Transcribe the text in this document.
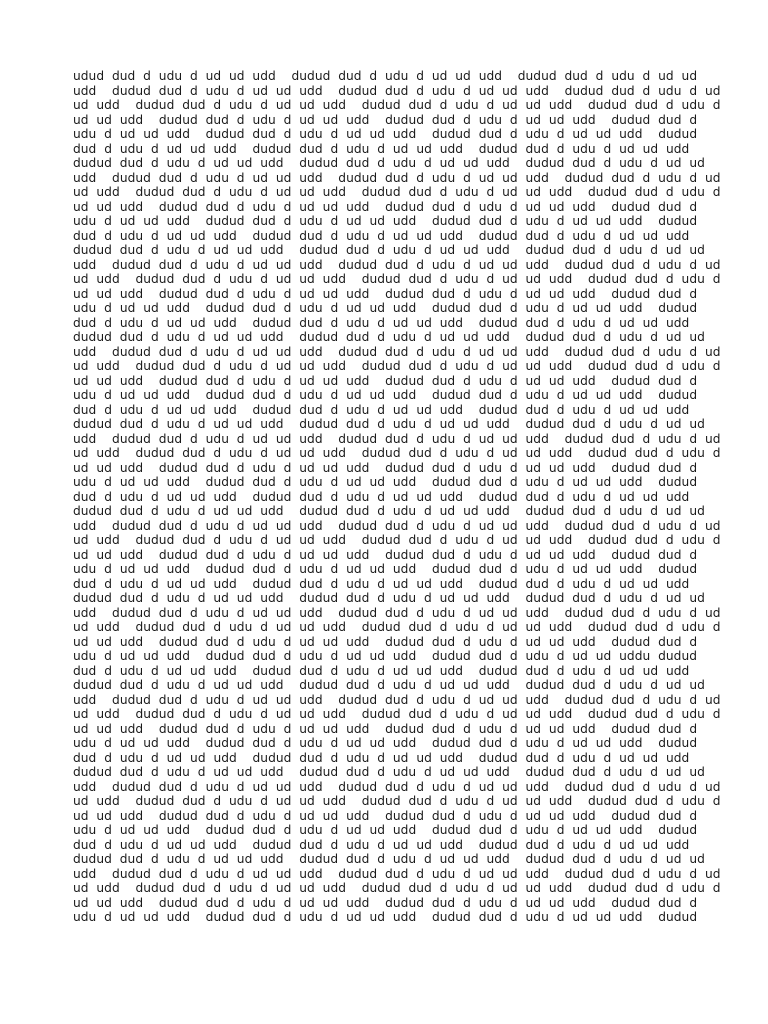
udud  dud  d  udu  d  ud  ud  udd    dudud  dud  d  udu  d  ud  ud  udd    dudud  dud  d  udu  d  ud  ud
udd    dudud  dud  d  udu  d  ud  ud  udd    dudud  dud  d  udu  d  ud  ud  udd    dudud  dud  d  udu  d  ud
ud  udd    dudud  dud  d  udu  d  ud  ud  udd    dudud  dud  d  udu  d  ud  ud  udd    dudud  dud  d  udu  d
ud  ud  udd    dudud  dud  d  udu  d  ud  ud  udd    dudud  dud  d  udu  d  ud  ud  udd    dudud  dud  d
udu  d  ud  ud  udd    dudud  dud  d  udu  d  ud  ud  udd    dudud  dud  d  udu  d  ud  ud  udd    dudud
dud  d  udu  d  ud  ud  udd    dudud  dud  d  udu  d  ud  ud  udd    dudud  dud  d  udu  d  ud  ud  udd
dudud  dud  d  udu  d  ud  ud  udd    dudud  dud  d  udu  d  ud  ud  udd    dudud  dud  d  udu  d  ud  ud
udd    dudud  dud  d  udu  d  ud  ud  udd    dudud  dud  d  udu  d  ud  ud  udd    dudud  dud  d  udu  d  ud
ud  udd    dudud  dud  d  udu  d  ud  ud  udd    dudud  dud  d  udu  d  ud  ud  udd    dudud  dud  d  udu  d
ud  ud  udd    dudud  dud  d  udu  d  ud  ud  udd    dudud  dud  d  udu  d  ud  ud  udd    dudud  dud  d
udu  d  ud  ud  udd    dudud  dud  d  udu  d  ud  ud  udd    dudud  dud  d  udu  d  ud  ud  udd    dudud
dud  d  udu  d  ud  ud  udd    dudud  dud  d  udu  d  ud  ud  udd    dudud  dud  d  udu  d  ud  ud  udd
dudud  dud  d  udu  d  ud  ud  udd    dudud  dud  d  udu  d  ud  ud  udd    dudud  dud  d  udu  d  ud  ud
udd    dudud  dud  d  udu  d  ud  ud  udd    dudud  dud  d  udu  d  ud  ud  udd    dudud  dud  d  udu  d  ud
ud  udd    dudud  dud  d  udu  d  ud  ud  udd    dudud  dud  d  udu  d  ud  ud  udd    dudud  dud  d  udu  d
ud  ud  udd    dudud  dud  d  udu  d  ud  ud  udd    dudud  dud  d  udu  d  ud  ud  udd    dudud  dud  d
udu  d  ud  ud  udd    dudud  dud  d  udu  d  ud  ud  udd    dudud  dud  d  udu  d  ud  ud  udd    dudud
dud  d  udu  d  ud  ud  udd    dudud  dud  d  udu  d  ud  ud  udd    dudud  dud  d  udu  d  ud  ud  udd
dudud  dud  d  udu  d  ud  ud  udd    dudud  dud  d  udu  d  ud  ud  udd    dudud  dud  d  udu  d  ud  ud
udd    dudud  dud  d  udu  d  ud  ud  udd    dudud  dud  d  udu  d  ud  ud  udd    dudud  dud  d  udu  d  ud
ud  udd    dudud  dud  d  udu  d  ud  ud  udd    dudud  dud  d  udu  d  ud  ud  udd    dudud  dud  d  udu  d
ud  ud  udd    dudud  dud  d  udu  d  ud  ud  udd    dudud  dud  d  udu  d  ud  ud  udd    dudud  dud  d
udu  d  ud  ud  udd    dudud  dud  d  udu  d  ud  ud  udd    dudud  dud  d  udu  d  ud  ud  udd    dudud
dud  d  udu  d  ud  ud  udd    dudud  dud  d  udu  d  ud  ud  udd    dudud  dud  d  udu  d  ud  ud  udd
dudud  dud  d  udu  d  ud  ud  udd    dudud  dud  d  udu  d  ud  ud  udd    dudud  dud  d  udu  d  ud  ud
udd    dudud  dud  d  udu  d  ud  ud  udd    dudud  dud  d  udu  d  ud  ud  udd    dudud  dud  d  udu  d  ud
ud  udd    dudud  dud  d  udu  d  ud  ud  udd    dudud  dud  d  udu  d  ud  ud  udd    dudud  dud  d  udu  d
ud  ud  udd    dudud  dud  d  udu  d  ud  ud  udd    dudud  dud  d  udu  d  ud  ud  udd    dudud  dud  d
udu  d  ud  ud  udd    dudud  dud  d  udu  d  ud  ud  udd    dudud  dud  d  udu  d  ud  ud  udd    dudud
dud  d  udu  d  ud  ud  udd    dudud  dud  d  udu  d  ud  ud  udd    dudud  dud  d  udu  d  ud  ud  udd
dudud  dud  d  udu  d  ud  ud  udd    dudud  dud  d  udu  d  ud  ud  udd    dudud  dud  d  udu  d  ud  ud
udd    dudud  dud  d  udu  d  ud  ud  udd    dudud  dud  d  udu  d  ud  ud  udd    dudud  dud  d  udu  d  ud
ud  udd    dudud  dud  d  udu  d  ud  ud  udd    dudud  dud  d  udu  d  ud  ud  udd    dudud  dud  d  udu  d
ud  ud  udd    dudud  dud  d  udu  d  ud  ud  udd    dudud  dud  d  udu  d  ud  ud  udd    dudud  dud  d
udu  d  ud  ud  udd    dudud  dud  d  udu  d  ud  ud  udd    dudud  dud  d  udu  d  ud  ud  udd    dudud
dud  d  udu  d  ud  ud  udd    dudud  dud  d  udu  d  ud  ud  udd    dudud  dud  d  udu  d  ud  ud  udd
dudud  dud  d  udu  d  ud  ud  udd    dudud  dud  d  udu  d  ud  ud  udd    dudud  dud  d  udu  d  ud  ud
udd    dudud  dud  d  udu  d  ud  ud  udd    dudud  dud  d  udu  d  ud  ud  udd    dudud  dud  d  udu  d  ud
ud  udd    dudud  dud  d  udu  d  ud  ud  udd    dudud  dud  d  udu  d  ud  ud  udd    dudud  dud  d  udu  d
ud  ud  udd    dudud  dud  d  udu  d  ud  ud  udd    dudud  dud  d  udu  d  ud  ud  udd    dudud  dud  d
udu  d  ud  ud  udd    dudud  dud  d  udu  d  ud  ud  udd    dudud  dud  d  udu  d  ud  ud  uddu  dudud
dud  d  udu  d  ud  ud  udd    dudud  dud  d  udu  d  ud  ud  udd    dudud  dud  d  udu  d  ud  ud  udd
dudud  dud  d  udu  d  ud  ud  udd    dudud  dud  d  udu  d  ud  ud  udd    dudud  dud  d  udu  d  ud  ud
udd    dudud  dud  d  udu  d  ud  ud  udd    dudud  dud  d  udu  d  ud  ud  udd    dudud  dud  d  udu  d  ud
ud  udd    dudud  dud  d  udu  d  ud  ud  udd    dudud  dud  d  udu  d  ud  ud  udd    dudud  dud  d  udu  d
ud  ud  udd    dudud  dud  d  udu  d  ud  ud  udd    dudud  dud  d  udu  d  ud  ud  udd    dudud  dud  d
udu  d  ud  ud  udd    dudud  dud  d  udu  d  ud  ud  udd    dudud  dud  d  udu  d  ud  ud  udd    dudud
dud  d  udu  d  ud  ud  udd    dudud  dud  d  udu  d  ud  ud  udd    dudud  dud  d  udu  d  ud  ud  udd
dudud  dud  d  udu  d  ud  ud  udd    dudud  dud  d  udu  d  ud  ud  udd    dudud  dud  d  udu  d  ud  ud
udd    dudud  dud  d  udu  d  ud  ud  udd    dudud  dud  d  udu  d  ud  ud  udd    dudud  dud  d  udu  d  ud
ud  udd    dudud  dud  d  udu  d  ud  ud  udd    dudud  dud  d  udu  d  ud  ud  udd    dudud  dud  d  udu  d
ud  ud  udd    dudud  dud  d  udu  d  ud  ud  udd    dudud  dud  d  udu  d  ud  ud  udd    dudud  dud  d
udu  d  ud  ud  udd    dudud  dud  d  udu  d  ud  ud  udd    dudud  dud  d  udu  d  ud  ud  udd    dudud
dud  d  udu  d  ud  ud  udd    dudud  dud  d  udu  d  ud  ud  udd    dudud  dud  d  udu  d  ud  ud  udd
dudud  dud  d  udu  d  ud  ud  udd    dudud  dud  d  udu  d  ud  ud  udd    dudud  dud  d  udu  d  ud  ud
udd    dudud  dud  d  udu  d  ud  ud  udd    dudud  dud  d  udu  d  ud  ud  udd    dudud  dud  d  udu  d  ud
ud  udd    dudud  dud  d  udu  d  ud  ud  udd    dudud  dud  d  udu  d  ud  ud  udd    dudud  dud  d  udu  d
ud  ud  udd    dudud  dud  d  udu  d  ud  ud  udd    dudud  dud  d  udu  d  ud  ud  udd    dudud  dud  d
udu  d  ud  ud  udd    dudud  dud  d  udu  d  ud  ud  udd    dudud  dud  d  udu  d  ud  ud  udd    dudud
